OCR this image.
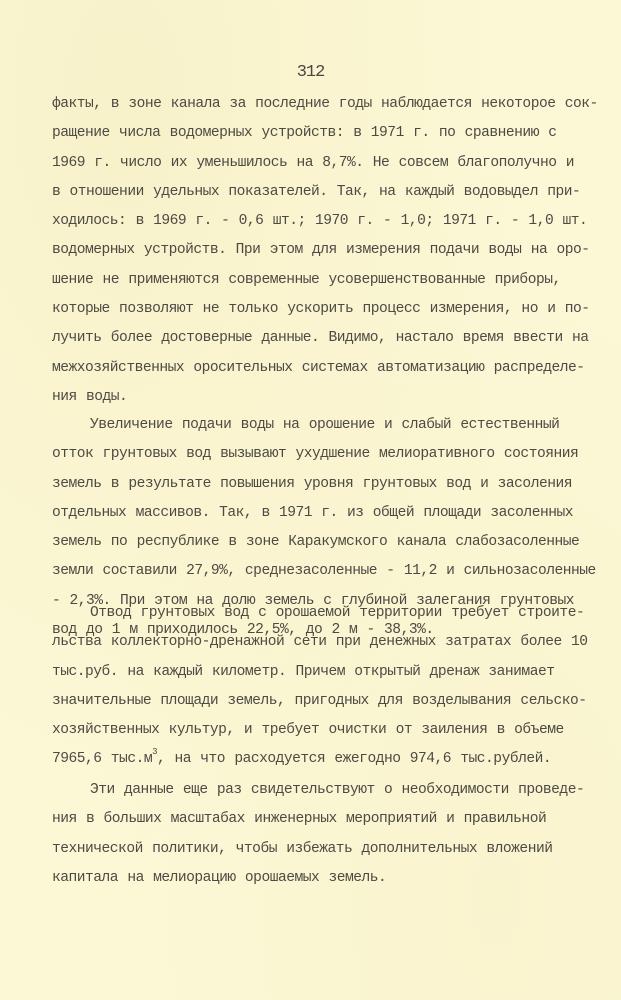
312
факты, в зоне канала за последние годы наблюдается некоторое сок-
ращение числа водомерных устройств: в 1971 г. по сравнению с
1969 г. число их уменьшилось на 8,7%. Не совсем благополучно и
в отношении удельных показателей. Так, на каждый водовыдел при-
ходилось: в 1969 г. - 0,6 шт.; 1970 г. - 1,0; 1971 г. - 1,0 шт.
водомерных устройств. При этом для измерения подачи воды на оро-
шение не применяются современные усовершенствованные приборы,
которые позволяют не только ускорить процесс измерения, но и по-
лучить более достоверные данные. Видимо, настало время ввести на
межхозяйственных оросительных системах автоматизацию распределе-
ния воды.
Увеличение подачи воды на орошение и слабый естественный
отток грунтовых вод вызывают ухудшение мелиоративного состояния
земель в результате повышения уровня грунтовых вод и засоления
отдельных массивов. Так, в 1971 г. из общей площади засоленных
земель по республике в зоне Каракумского канала слабозасоленные
земли составили 27,9%, среднезасоленные - 11,2 и сильнозасоленные
- 2,3%. При этом на долю земель с глубиной залегания грунтовых
вод до 1 м приходилось 22,5%, до 2 м - 38,3%.
Отвод грунтовых вод с орошаемой территории требует строите-
льства коллекторно-дренажной сети при денежных затратах более 10
тыс.руб. на каждый километр. Причем открытый дренаж занимает
значительные площади земель, пригодных для возделывания сельско-
хозяйственных культур, и требует очистки от заиления в объеме
7965,6 $тыс.м^3$, на что расходуется ежегодно 974,6 тыс.рублей.
Эти данные еще раз свидетельствуют о необходимости проведе-
ния в больших масштабах инженерных мероприятий и правильной
технической политики, чтобы избежать дополнительных вложений
капитала на мелиорацию орошаемых земель.
